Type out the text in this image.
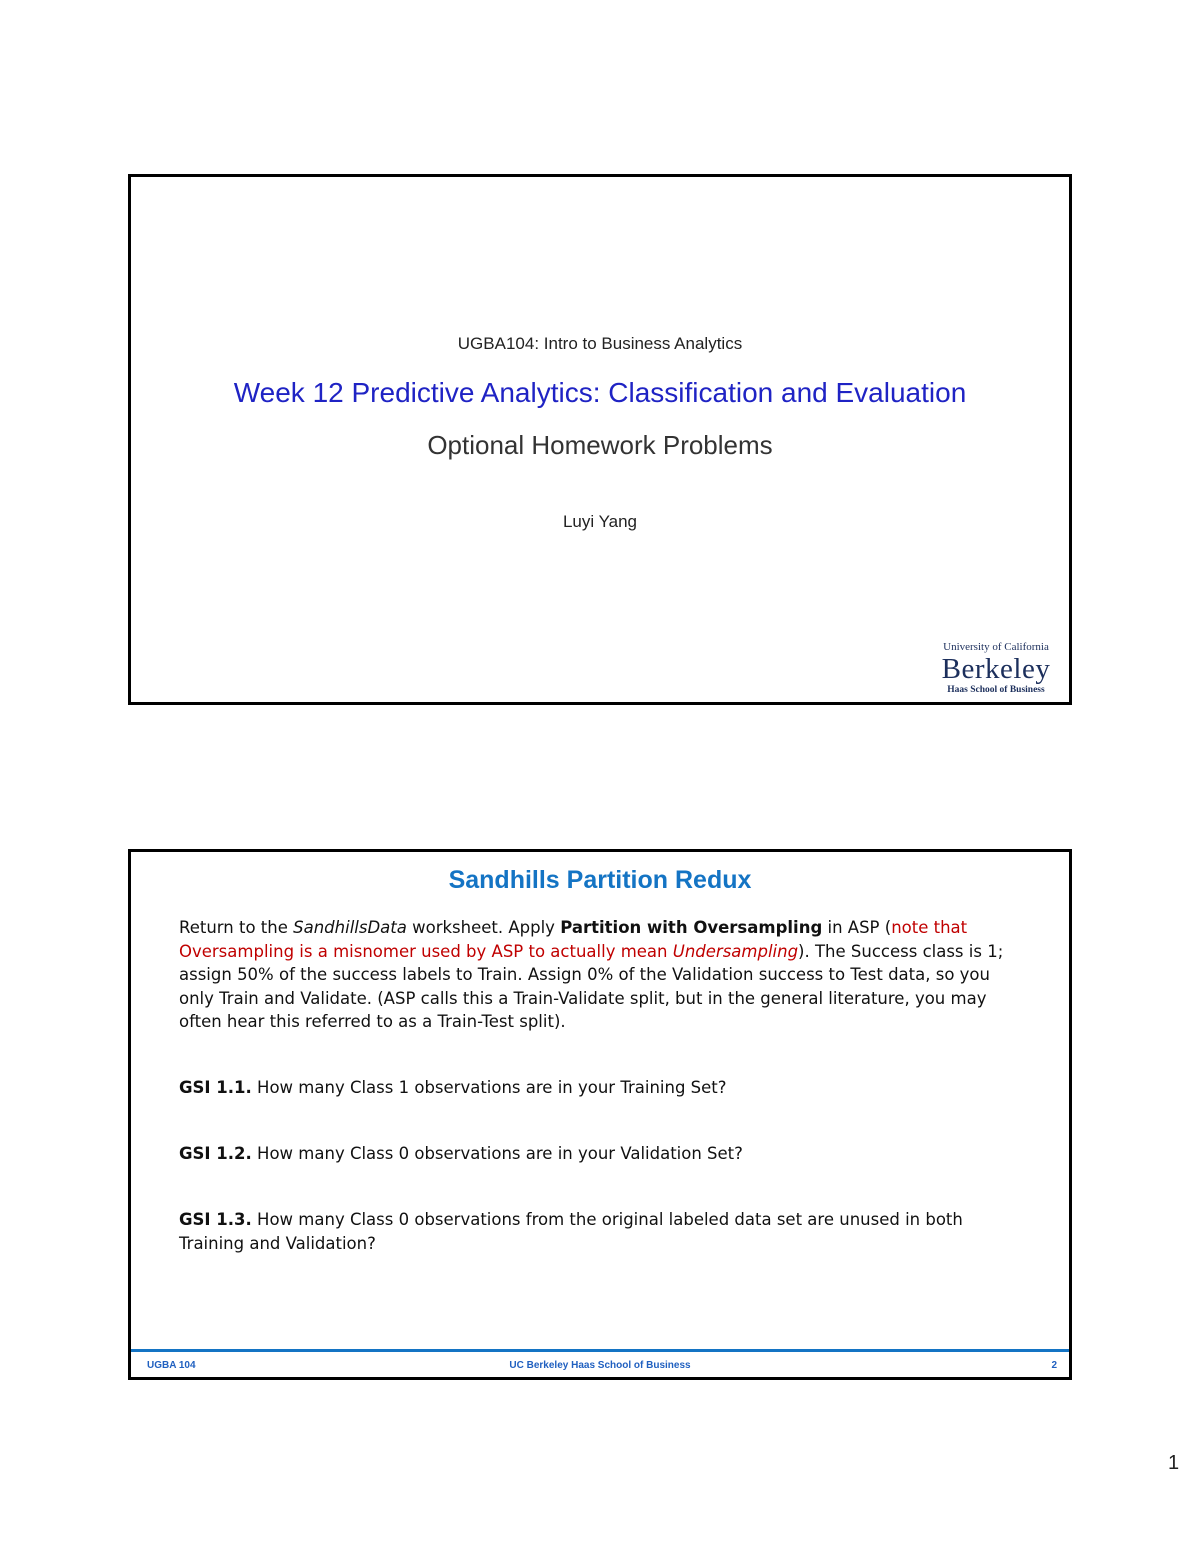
UGBA104: Intro to Business Analytics
Week 12 Predictive Analytics: Classification and Evaluation
Optional Homework Problems
Luyi Yang
University of California
Berkeley
Haas School of Business
Sandhills Partition Redux

Return to the SandhillsData worksheet. Apply Partition with Oversampling in ASP (note that Oversampling is a misnomer used by ASP to actually mean Undersampling). The Success class is 1; assign 50% of the success labels to Train. Assign 0% of the Validation success to Test data, so you only Train and Validate. (ASP calls this a Train-Validate split, but in the general literature, you may often hear this referred to as a Train-Test split).

GSI 1.1. How many Class 1 observations are in your Training Set?
GSI 1.2. How many Class 0 observations are in your Validation Set?
GSI 1.3. How many Class 0 observations from the original labeled data set are unused in both Training and Validation?
UGBA 104	UC Berkeley Haas School of Business	2
1
